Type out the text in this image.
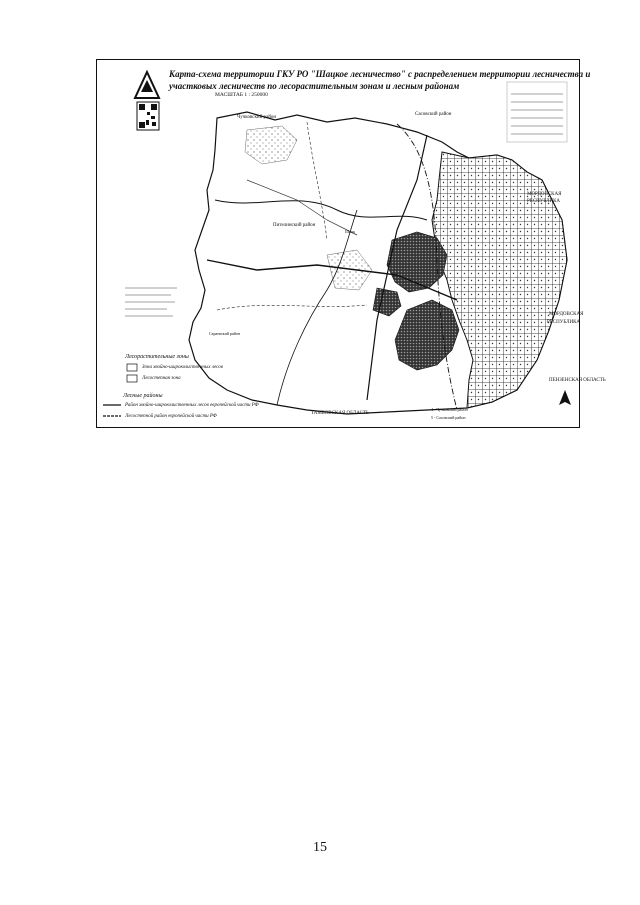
Карта-схема территории ГКУ РО "Шацкое лесничество" с распределением территории лесничества и
участковых лесничеств по лесорастительным зонам и лесным районам
МАСШТАБ 1 : 250000
МОРДОВСКАЯ
РЕСПУБЛИКА
МОРДОВСКАЯ
РЕСПУБЛИКА
ПЕНЗЕНСКАЯ ОБЛАСТЬ
ТАМБОВСКАЯ ОБЛАСТЬ
Сасовский район
Пителинский район
Чучковский район
Сараевский район
Шацк
4 - Чучковский район
5 - Сасовский район
Лесорастительные зоны
Зона хвойно-широколиственных лесов
Лесостепная зона
Лесные районы
Район хвойно-широколиственных лесов европейской части РФ
Лесостепной район европейской части РФ
15
